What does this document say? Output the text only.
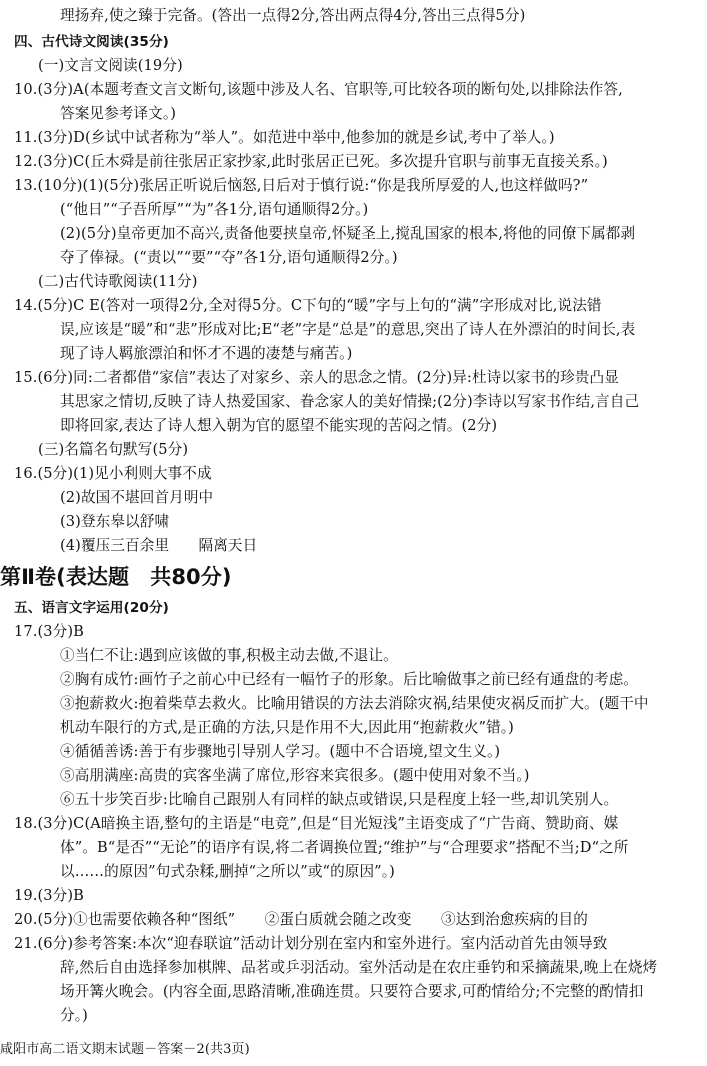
理扬弃,使之臻于完备。(答出一点得2分,答出两点得4分,答出三点得5分)
四、古代诗文阅读(35分)
(一)文言文阅读(19分)
10.(3分)A(本题考查文言文断句,该题中涉及人名、官职等,可比较各项的断句处,以排除法作答,
答案见参考译文。)
11.(3分)D(乡试中试者称为“举人”。如范进中举中,他参加的就是乡试,考中了举人。)
12.(3分)C(丘木舜是前往张居正家抄家,此时张居正已死。多次提升官职与前事无直接关系。)
13.(10分)(1)(5分)张居正听说后恼怒,日后对于慎行说:“你是我所厚爱的人,也这样做吗?”
(“他日”“子吾所厚”“为”各1分,语句通顺得2分。)
(2)(5分)皇帝更加不高兴,责备他要挟皇帝,怀疑圣上,搅乱国家的根本,将他的同僚下属都剥
夺了俸禄。(“责以”“要”“夺”各1分,语句通顺得2分。)
(二)古代诗歌阅读(11分)
14.(5分)C E(答对一项得2分,全对得5分。C下句的“暖”字与上句的“满”字形成对比,说法错
误,应该是“暖”和“悲”形成对比;E“老”字是“总是”的意思,突出了诗人在外漂泊的时间长,表
现了诗人羁旅漂泊和怀才不遇的凄楚与痛苦。)
15.(6分)同:二者都借“家信”表达了对家乡、亲人的思念之情。(2分)异:杜诗以家书的珍贵凸显
其思家之情切,反映了诗人热爱国家、眷念家人的美好情操;(2分)李诗以写家书作结,言自己
即将回家,表达了诗人想入朝为官的愿望不能实现的苦闷之情。(2分)
(三)名篇名句默写(5分)
16.(5分)(1)见小利则大事不成
(2)故国不堪回首月明中
(3)登东皋以舒啸
(4)覆压三百余里　　隔离天日
第Ⅱ卷(表达题　共80分)
五、语言文字运用(20分)
17.(3分)B
①当仁不让:遇到应该做的事,积极主动去做,不退让。
②胸有成竹:画竹子之前心中已经有一幅竹子的形象。后比喻做事之前已经有通盘的考虑。
③抱薪救火:抱着柴草去救火。比喻用错误的方法去消除灾祸,结果使灾祸反而扩大。(题干中
机动车限行的方式,是正确的方法,只是作用不大,因此用“抱薪救火”错。)
④循循善诱:善于有步骤地引导别人学习。(题中不合语境,望文生义。)
⑤高朋满座:高贵的宾客坐满了席位,形容来宾很多。(题中使用对象不当。)
⑥五十步笑百步:比喻自己跟别人有同样的缺点或错误,只是程度上轻一些,却讥笑别人。
18.(3分)C(A暗换主语,整句的主语是“电竞”,但是“目光短浅”主语变成了“广告商、赞助商、媒
体”。B“是否”“无论”的语序有误,将二者调换位置;“维护”与“合理要求”搭配不当;D“之所
以……的原因”句式杂糅,删掉“之所以”或“的原因”。)
19.(3分)B
20.(5分)①也需要依赖各种“图纸”　　②蛋白质就会随之改变　　③达到治愈疾病的目的
21.(6分)参考答案:本次“迎春联谊”活动计划分别在室内和室外进行。室内活动首先由领导致
辞,然后自由选择参加棋牌、品茗或乒羽活动。室外活动是在农庄垂钓和采摘蔬果,晚上在烧烤
场开篝火晚会。(内容全面,思路清晰,准确连贯。只要符合要求,可酌情给分;不完整的酌情扣
分。)
咸阳市高二语文期末试题－答案－2(共3页)
